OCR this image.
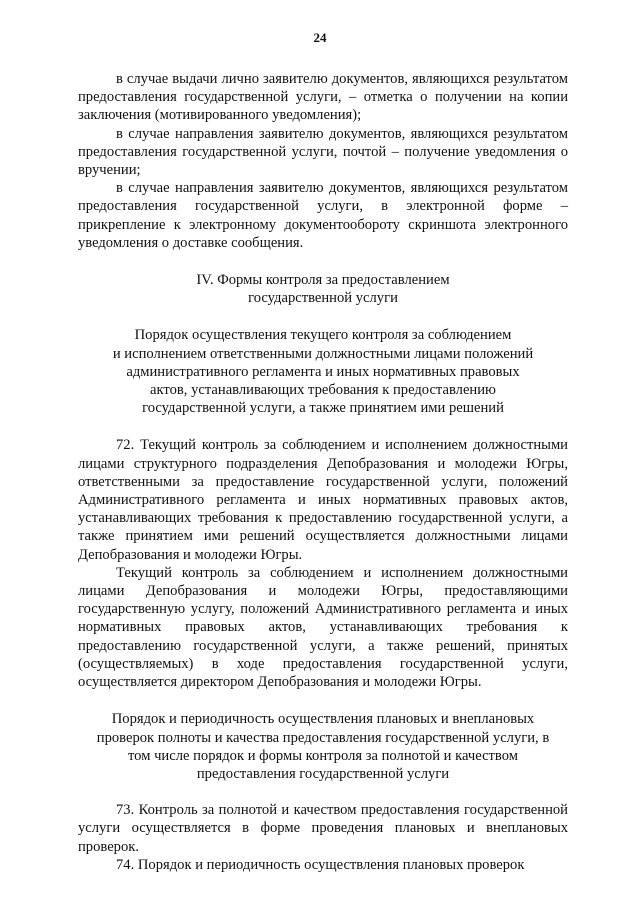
24

в случае выдачи лично заявителю документов, являющихся результатом предоставления государственной услуги, – отметка о получении на копии заключения (мотивированного уведомления);

в случае направления заявителю документов, являющихся результатом предоставления государственной услуги, почтой – получение уведомления о вручении;

в случае направления заявителю документов, являющихся результатом предоставления государственной услуги, в электронной форме – прикрепление к электронному документообороту скриншота электронного уведомления о доставке сообщения.

IV. Формы контроля за предоставлением

государственной услуги

Порядок осуществления текущего контроля за соблюдением

и исполнением ответственными должностными лицами положений

административного регламента и иных нормативных правовых

актов, устанавливающих требования к предоставлению

государственной услуги, а также принятием ими решений

72. Текущий контроль за соблюдением и исполнением должностными лицами структурного подразделения Депобразования и молодежи Югры, ответственными за предоставление государственной услуги, положений Административного регламента и иных нормативных правовых актов, устанавливающих требования к предоставлению государственной услуги, а также принятием ими решений осуществляется должностными лицами Депобразования и молодежи Югры.

Текущий контроль за соблюдением и исполнением должностными лицами Депобразования и молодежи Югры, предоставляющими государственную услугу, положений Административного регламента и иных нормативных правовых актов, устанавливающих требования к предоставлению государственной услуги, а также решений, принятых (осуществляемых) в ходе предоставления государственной услуги, осуществляется директором Депобразования и молодежи Югры.

Порядок и периодичность осуществления плановых и внеплановых

проверок полноты и качества предоставления государственной услуги, в

том числе порядок и формы контроля за полнотой и качеством

предоставления государственной услуги

73. Контроль за полнотой и качеством предоставления государственной услуги осуществляется в форме проведения плановых и внеплановых проверок.

74. Порядок и периодичность осуществления плановых проверок
